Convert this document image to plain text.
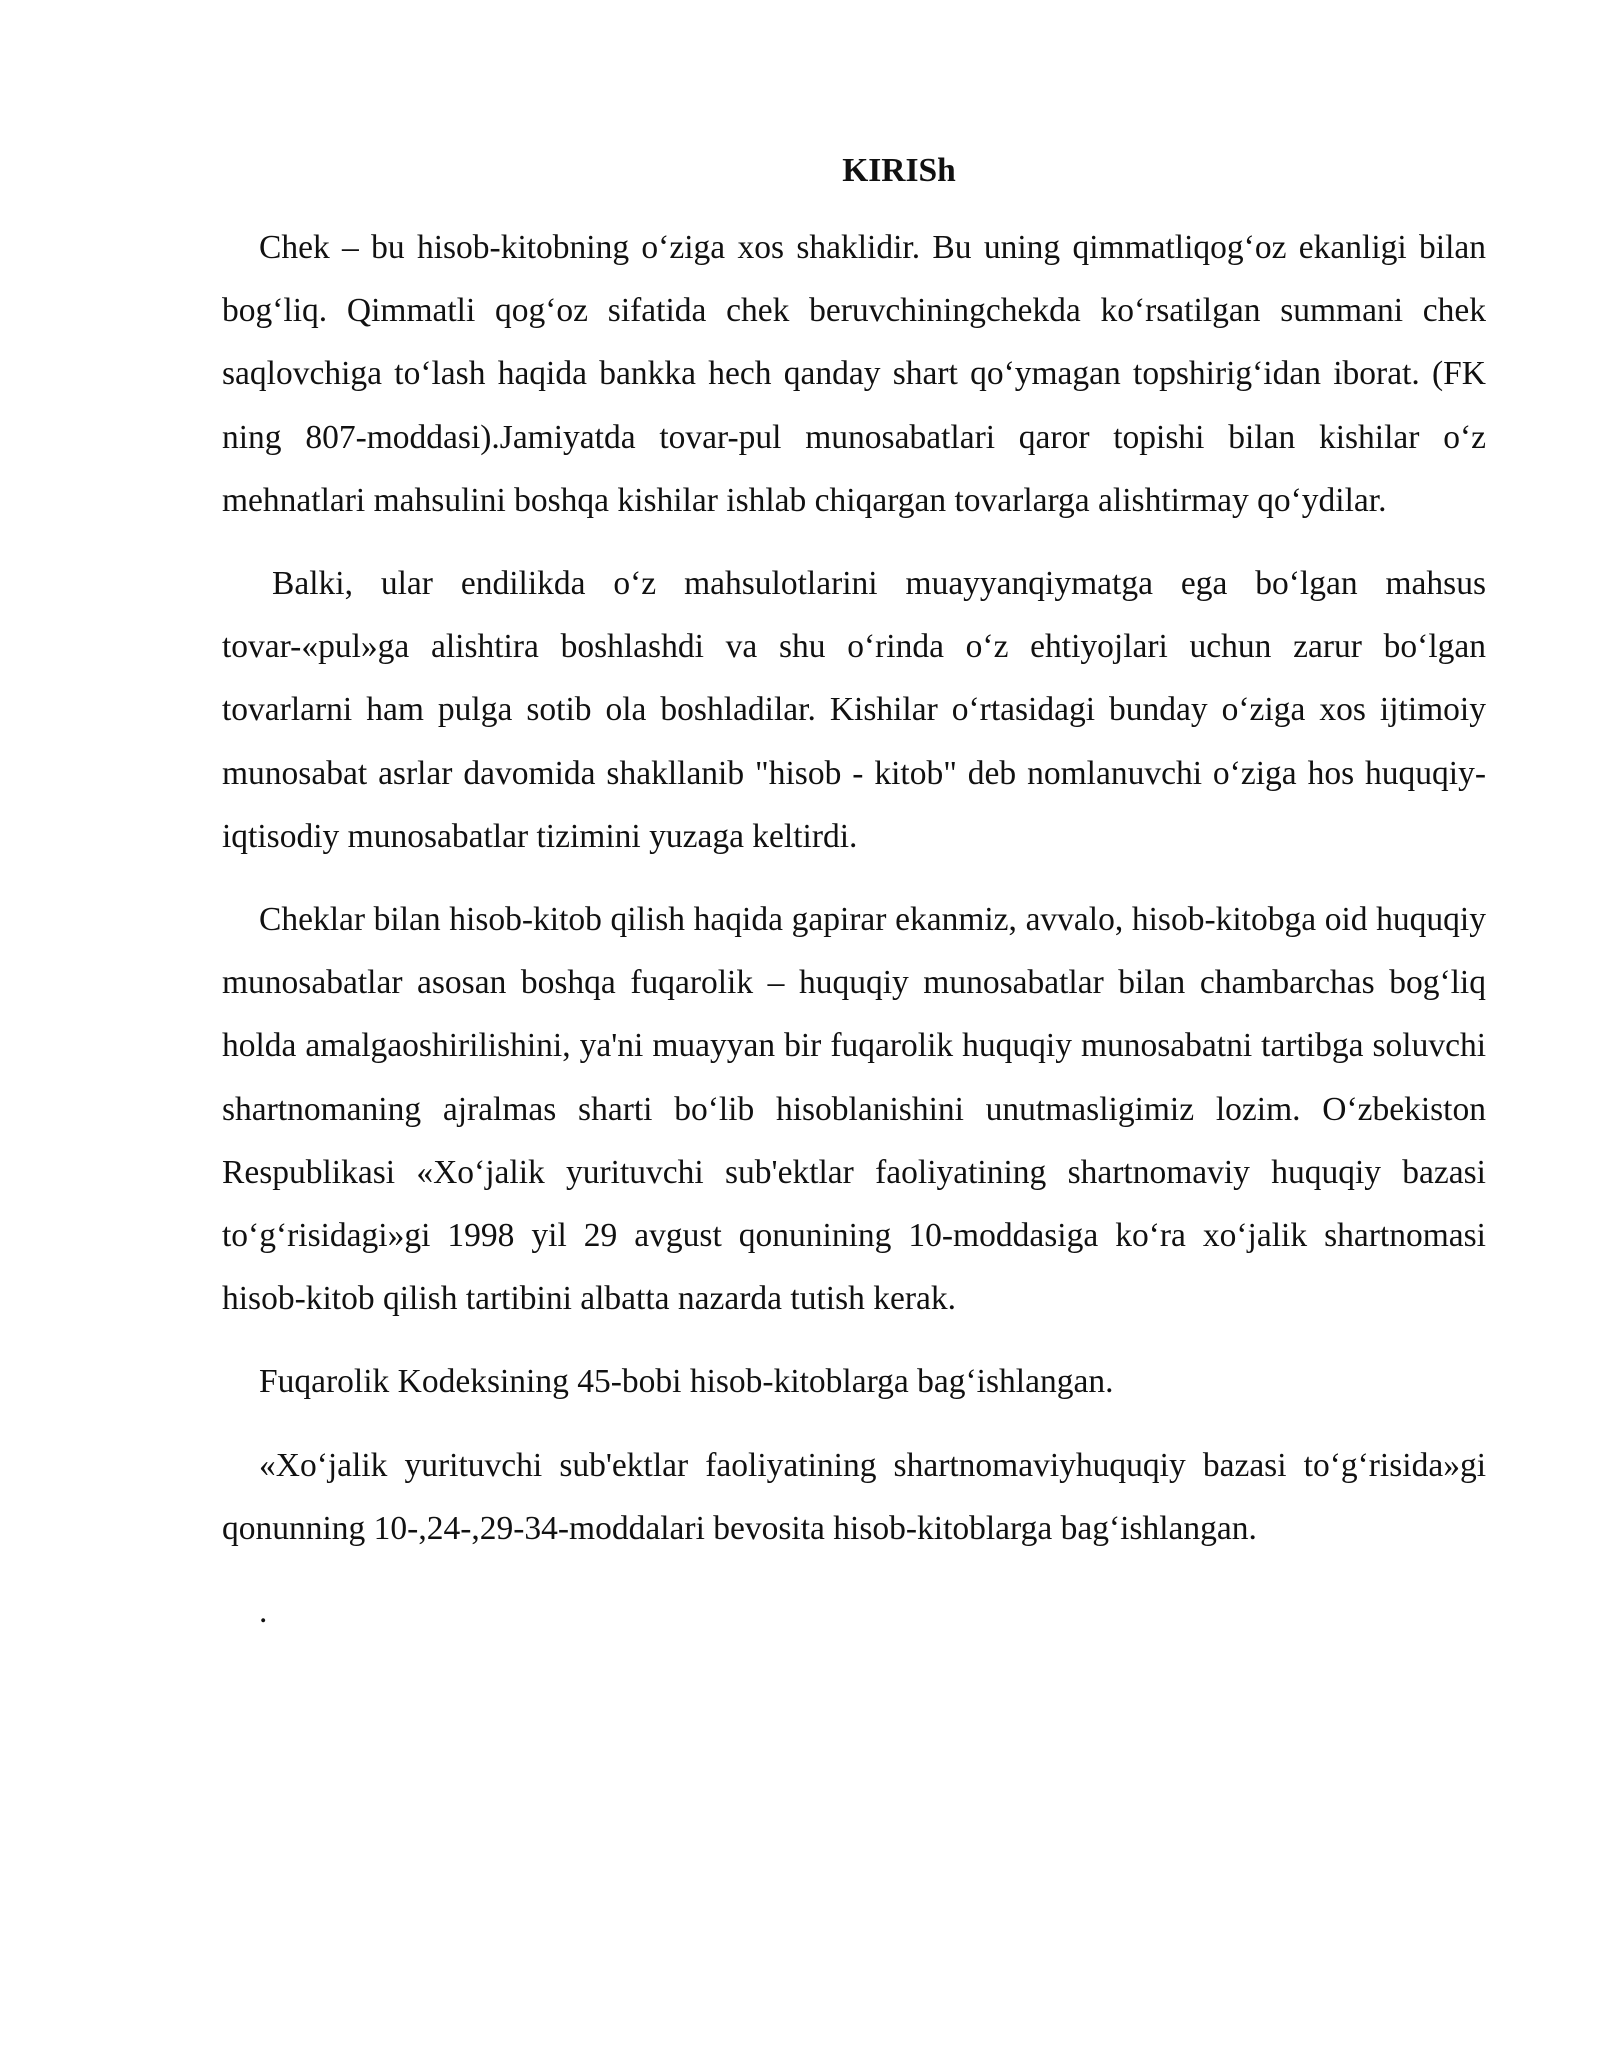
KIRISh

Chek – bu hisob-kitobning o‘ziga xos shaklidir. Bu uning qimmatliqog‘oz ekanligi bilan bog‘liq. Qimmatli qog‘oz sifatida chek beruvchiningchekda ko‘rsatilgan summani chek saqlovchiga to‘lash haqida bankka hech qanday shart qo‘ymagan topshirig‘idan iborat. (FK ning 807-moddasi).Jamiyatda tovar-pul munosabatlari qaror topishi bilan kishilar o‘z mehnatlari mahsulini boshqa kishilar ishlab chiqargan tovarlarga alishtirmay qo‘ydilar.

Balki, ular endilikda o‘z mahsulotlarini muayyanqiymatga ega bo‘lgan mahsus tovar-«pul»ga alishtira boshlashdi va shu o‘rinda o‘z ehtiyojlari uchun zarur bo‘lgan tovarlarni ham pulga sotib ola boshladilar. Kishilar o‘rtasidagi bunday o‘ziga xos ijtimoiy munosabat asrlar davomida shakllanib "hisob - kitob" deb nomlanuvchi o‘ziga hos huquqiy-iqtisodiy munosabatlar tizimini yuzaga keltirdi.

Cheklar bilan hisob-kitob qilish haqida gapirar ekanmiz, avvalo, hisob-kitobga oid huquqiy munosabatlar asosan boshqa fuqarolik – huquqiy munosabatlar bilan chambarchas bog‘liq holda amalgaoshirilishini, ya'ni muayyan bir fuqarolik huquqiy munosabatni tartibga soluvchi shartnomaning ajralmas sharti bo‘lib hisoblanishini unutmasligimiz lozim. O‘zbekiston Respublikasi «Xo‘jalik yurituvchi sub'ektlar faoliyatining shartnomaviy huquqiy bazasi to‘g‘risidagi»gi 1998 yil 29 avgust qonunining 10-moddasiga ko‘ra xo‘jalik shartnomasi hisob-kitob qilish tartibini albatta nazarda tutish kerak.

Fuqarolik Kodeksining 45-bobi hisob-kitoblarga bag‘ishlangan.

«Xo‘jalik yurituvchi sub'ektlar faoliyatining shartnomaviyhuquqiy bazasi to‘g‘risida»gi qonunning 10-,24-,29-34-moddalari bevosita hisob-kitoblarga bag‘ishlangan.

.
